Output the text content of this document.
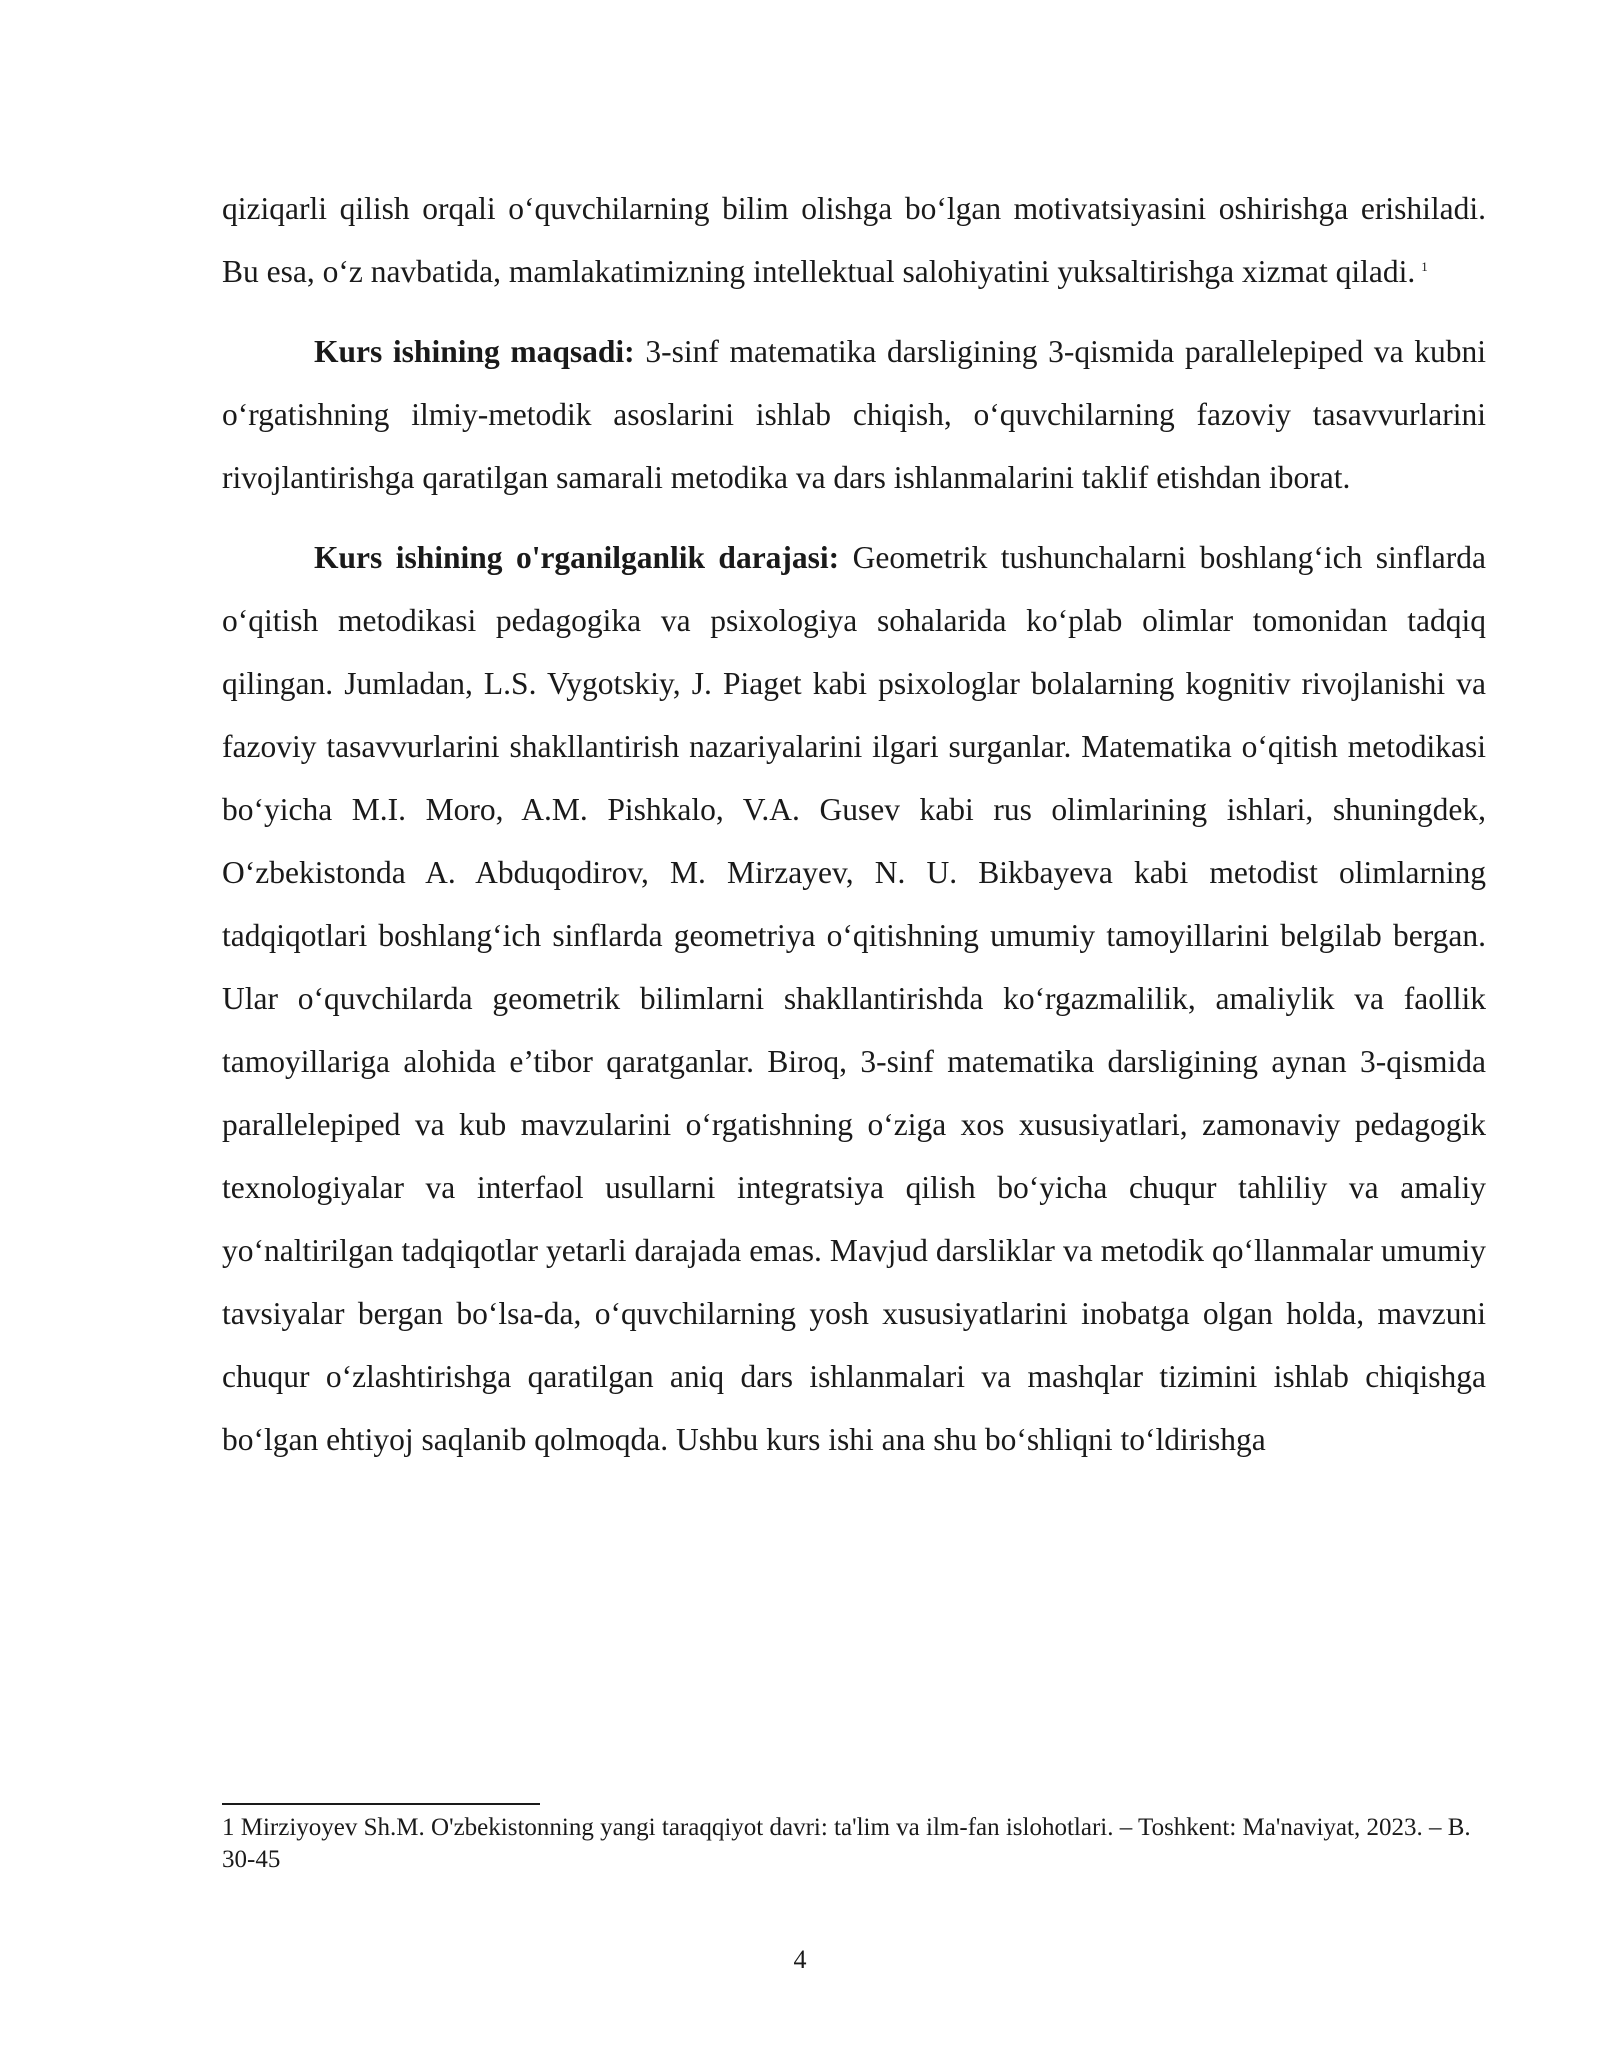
qiziqarli qilish orqali o‘quvchilarning bilim olishga bo‘lgan motivatsiyasini oshirishga erishiladi. Bu esa, o‘z navbatida, mamlakatimizning intellektual salohiyatini yuksaltirishga xizmat qiladi. $^1$

Kurs ishining maqsadi: 3-sinf matematika darsligining 3-qismida parallelepiped va kubni o‘rgatishning ilmiy-metodik asoslarini ishlab chiqish, o‘quvchilarning fazoviy tasavvurlarini rivojlantirishga qaratilgan samarali metodika va dars ishlanmalarini taklif etishdan iborat.

Kurs ishining o'rganilganlik darajasi: Geometrik tushunchalarni boshlang‘ich sinflarda o‘qitish metodikasi pedagogika va psixologiya sohalarida ko‘plab olimlar tomonidan tadqiq qilingan. Jumladan, L.S. Vygotskiy, J. Piaget kabi psixologlar bolalarning kognitiv rivojlanishi va fazoviy tasavvurlarini shakllantirish nazariyalarini ilgari surganlar. Matematika o‘qitish metodikasi bo‘yicha M.I. Moro, A.M. Pishkalo, V.A. Gusev kabi rus olimlarining ishlari, shuningdek, O‘zbekistonda A. Abduqodirov, M. Mirzayev, N. U. Bikbayeva kabi metodist olimlarning tadqiqotlari boshlang‘ich sinflarda geometriya o‘qitishning umumiy tamoyillarini belgilab bergan. Ular o‘quvchilarda geometrik bilimlarni shakllantirishda ko‘rgazmalilik, amaliylik va faollik tamoyillariga alohida e’tibor qaratganlar. Biroq, 3-sinf matematika darsligining aynan 3-qismida parallelepiped va kub mavzularini o‘rgatishning o‘ziga xos xususiyatlari, zamonaviy pedagogik texnologiyalar va interfaol usullarni integratsiya qilish bo‘yicha chuqur tahliliy va amaliy yo‘naltirilgan tadqiqotlar yetarli darajada emas. Mavjud darsliklar va metodik qo‘llanmalar umumiy tavsiyalar bergan bo‘lsa-da, o‘quvchilarning yosh xususiyatlarini inobatga olgan holda, mavzuni chuqur o‘zlashtirishga qaratilgan aniq dars ishlanmalari va mashqlar tizimini ishlab chiqishga bo‘lgan ehtiyoj saqlanib qolmoqda. Ushbu kurs ishi ana shu bo‘shliqni to‘ldirishga

1 Mirziyoyev Sh.M. O'zbekistonning yangi taraqqiyot davri: ta'lim va ilm-fan islohotlari. – Toshkent: Ma'naviyat, 2023. – B. 30-45
4
